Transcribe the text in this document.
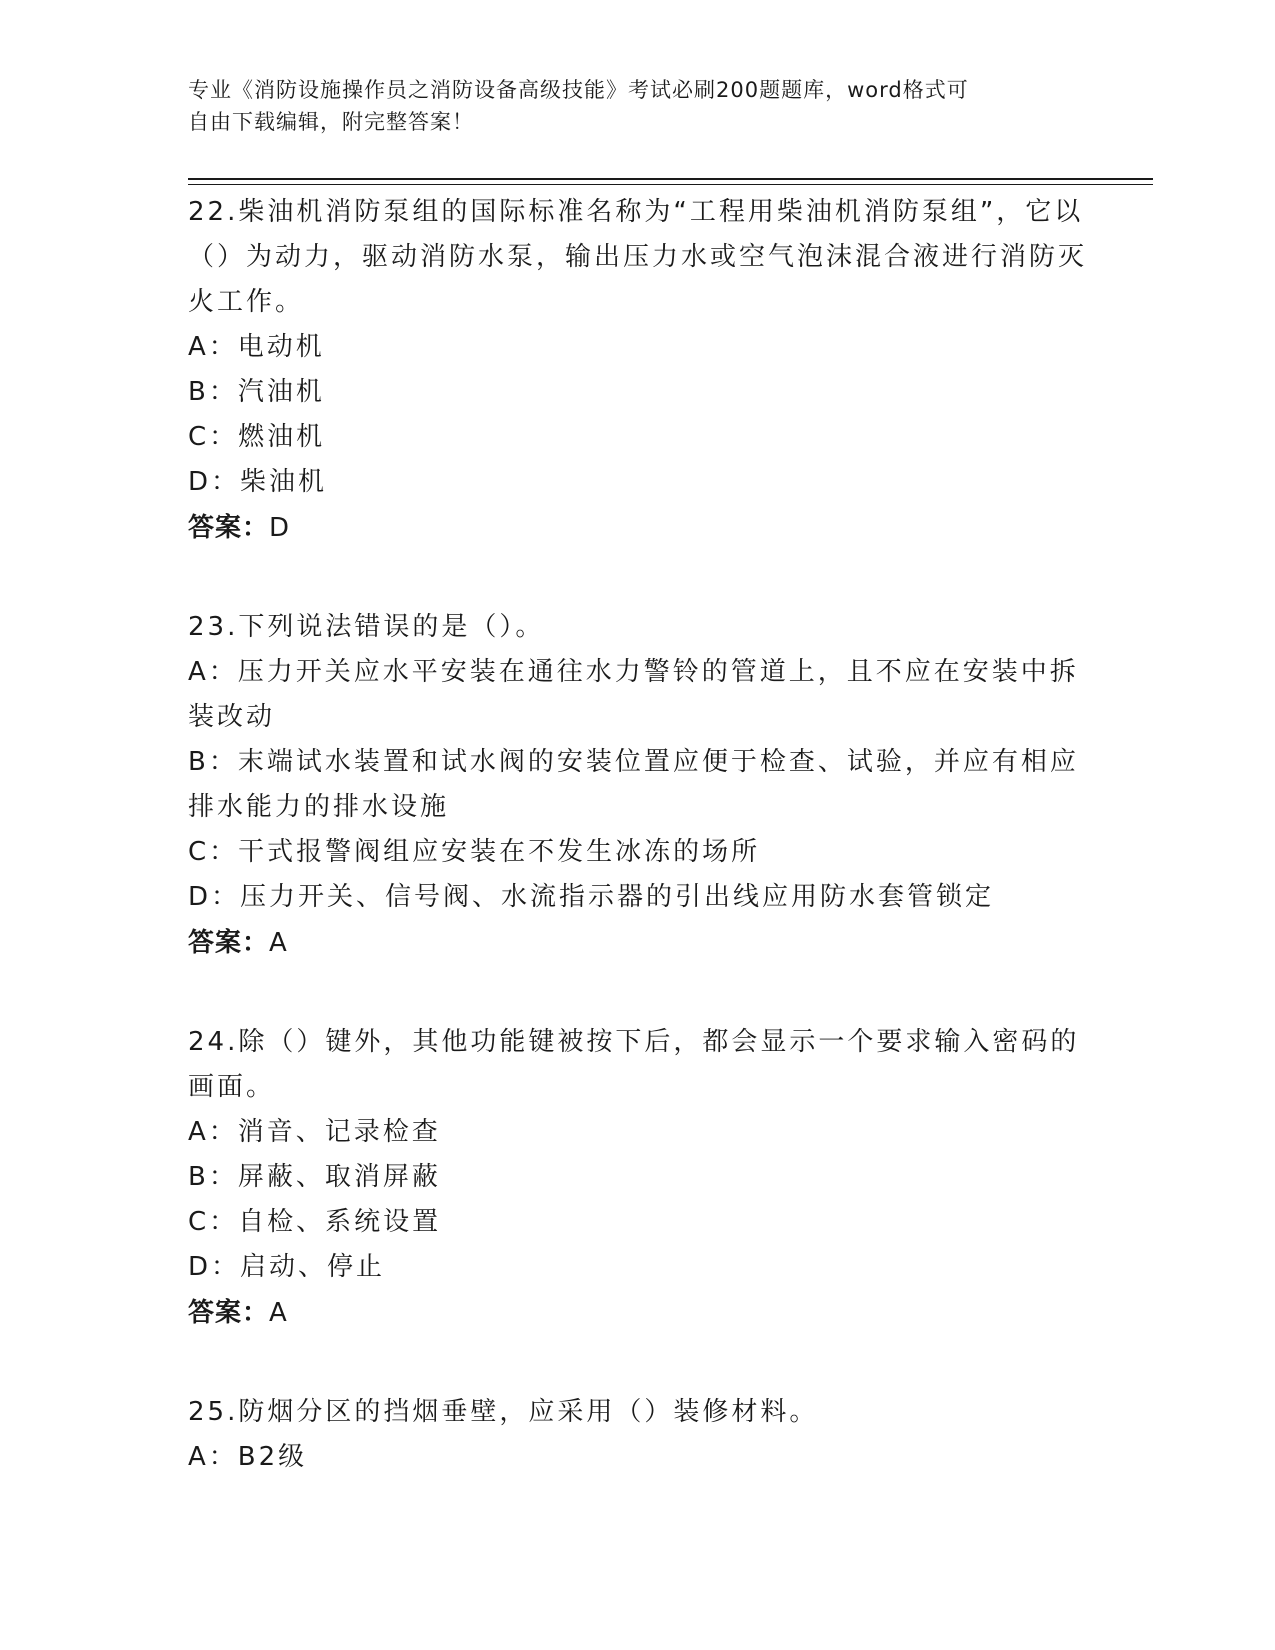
专业《消防设施操作员之消防设备高级技能》考试必刷200题题库，word格式可
自由下载编辑，附完整答案！
22.柴油机消防泵组的国际标准名称为“工程用柴油机消防泵组”，它以（）为动力，驱动消防水泵，输出压力水或空气泡沫混合液进行消防灭火工作。
A：电动机
B：汽油机
C：燃油机
D：柴油机
答案：D
23.下列说法错误的是（）。
A：压力开关应水平安装在通往水力警铃的管道上，且不应在安装中拆装改动
B：末端试水装置和试水阀的安装位置应便于检查、试验，并应有相应排水能力的排水设施
C：干式报警阀组应安装在不发生冰冻的场所
D：压力开关、信号阀、水流指示器的引出线应用防水套管锁定
答案：A
24.除（）键外，其他功能键被按下后，都会显示一个要求输入密码的画面。
A：消音、记录检查
B：屏蔽、取消屏蔽
C：自检、系统设置
D：启动、停止
答案：A
25.防烟分区的挡烟垂壁，应采用（）装修材料。
A：B2级
